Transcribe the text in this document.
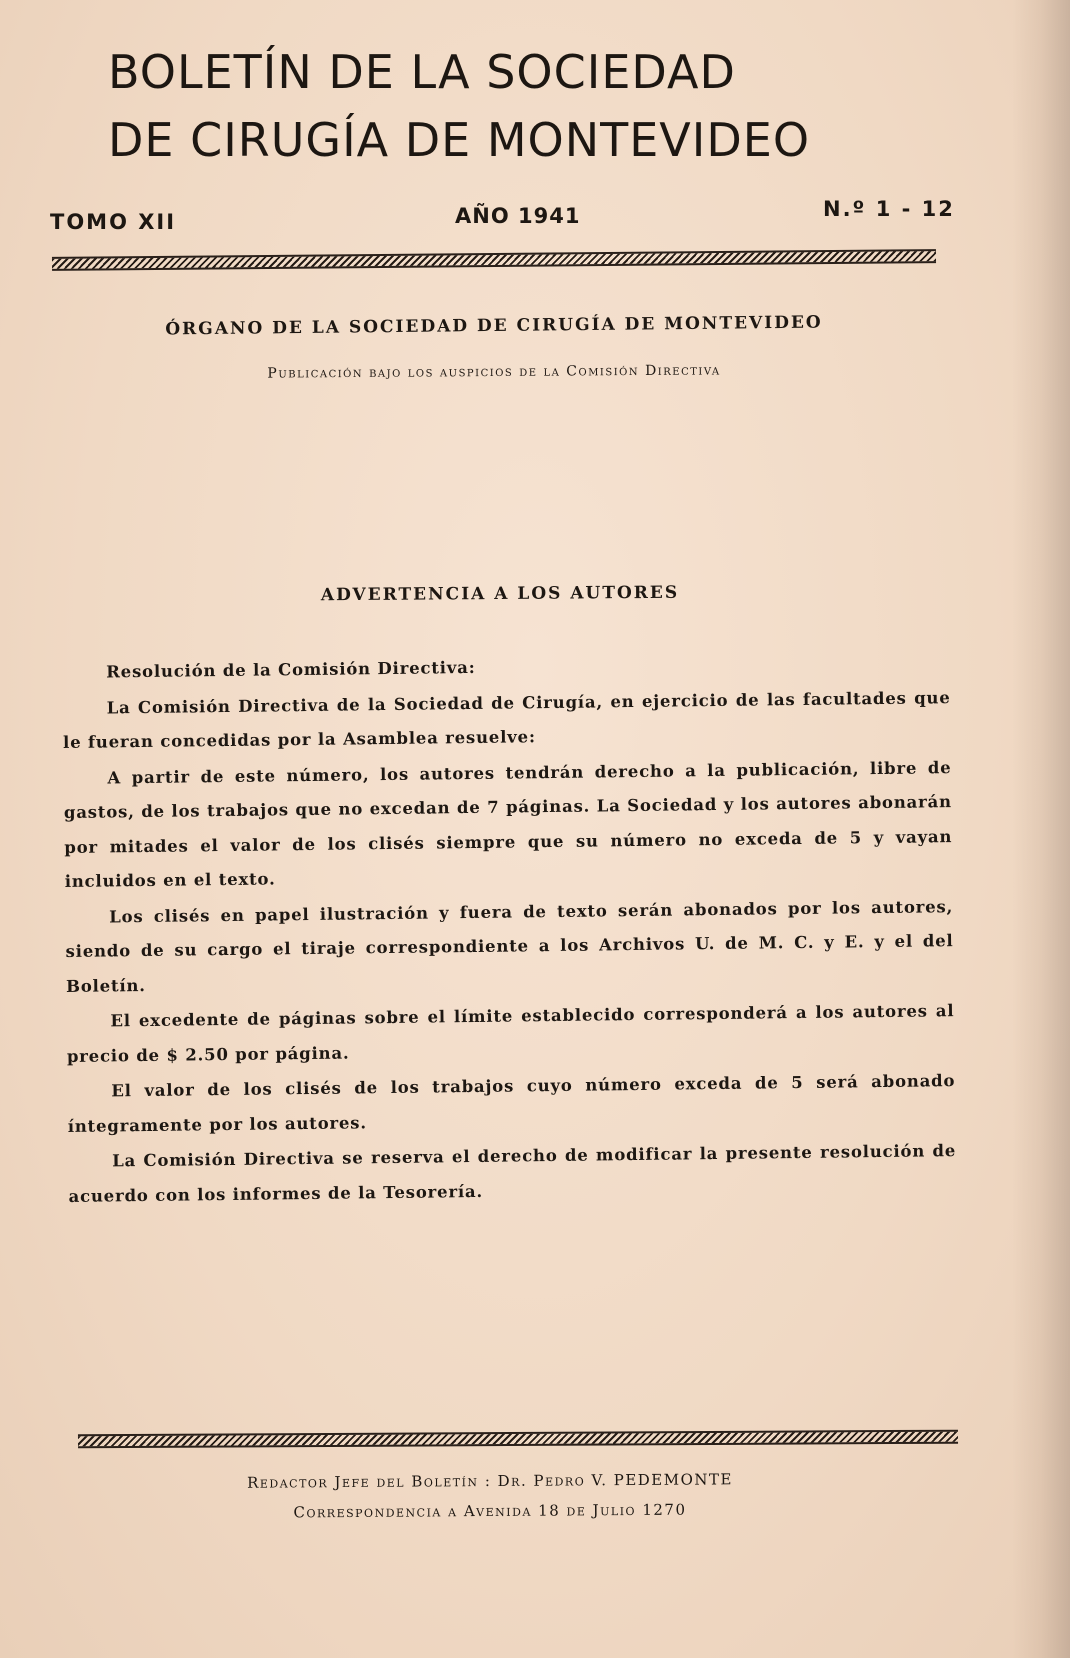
BOLETÍN DE LA SOCIEDAD
DE CIRUGÍA DE MONTEVIDEO
TOMO XII	AÑO 1941	N.º 1 - 12
ÓRGANO DE LA SOCIEDAD DE CIRUGÍA DE MONTEVIDEO
Publicación bajo los auspicios de la Comisión Directiva
ADVERTENCIA A LOS AUTORES

Resolución de la Comisión Directiva:

La Comisión Directiva de la Sociedad de Cirugía, en ejercicio de las facultades que le fueran concedidas por la Asamblea resuelve:

A partir de este número, los autores tendrán derecho a la publicación, libre de gastos, de los trabajos que no excedan de 7 páginas. La Sociedad y los autores abonarán por mitades el valor de los clisés siempre que su número no exceda de 5 y vayan incluidos en el texto.

Los clisés en papel ilustración y fuera de texto serán abonados por los autores, siendo de su cargo el tiraje correspondiente a los Archivos U. de M. C. y E. y el del Boletín.

El excedente de páginas sobre el límite establecido corresponderá a los autores al precio de $ 2.50 por página.

El valor de los clisés de los trabajos cuyo número exceda de 5 será abonado íntegramente por los autores.

La Comisión Directiva se reserva el derecho de modificar la presente resolución de acuerdo con los informes de la Tesorería.

Redactor Jefe del Boletín : Dr. Pedro V. PEDEMONTE
Correspondencia a Avenida 18 de Julio 1270
